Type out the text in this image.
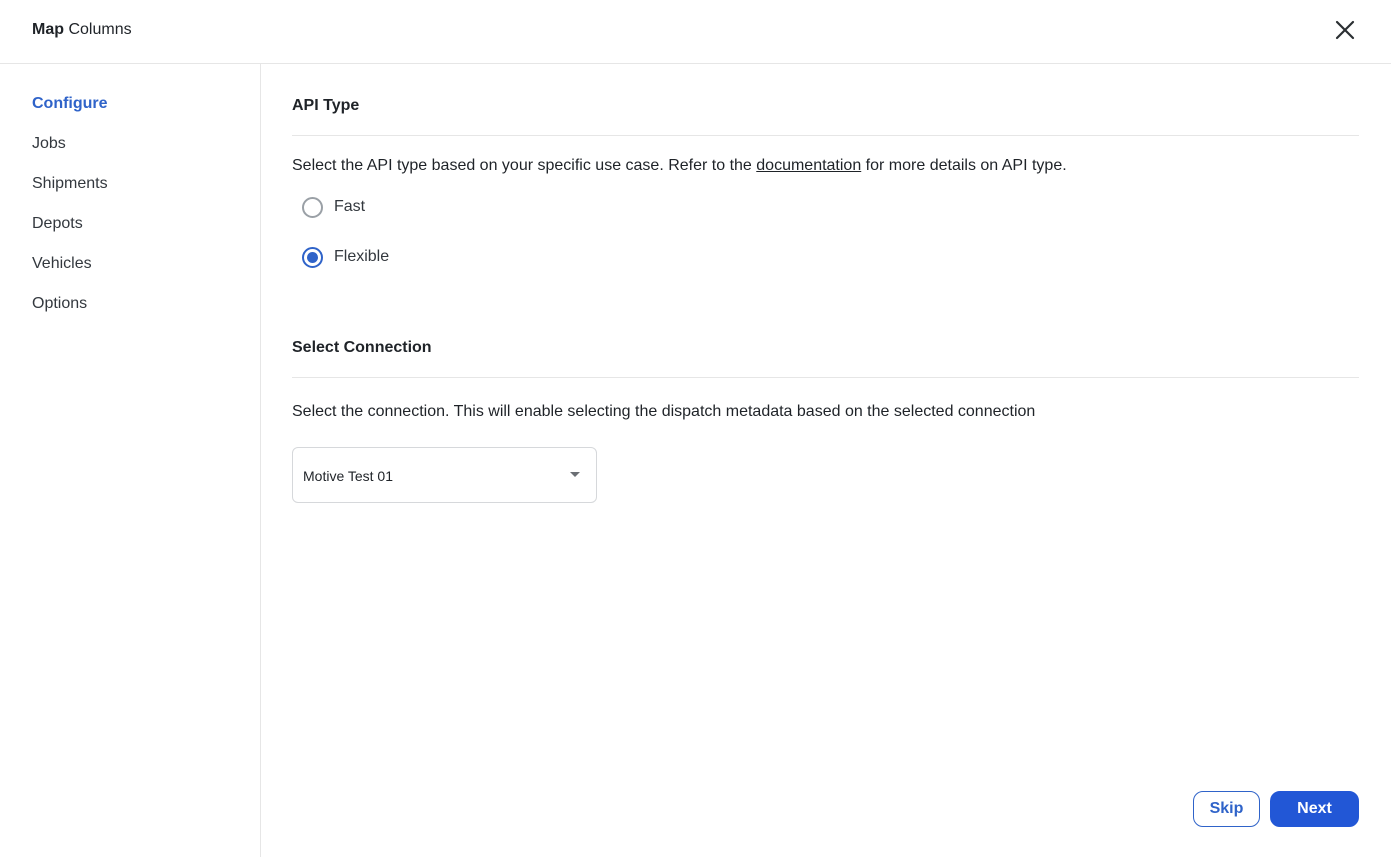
Map Columns
Configure
Jobs
Shipments
Depots
Vehicles
Options
API Type
Select the API type based on your specific use case. Refer to the documentation for more details on API type.
Fast
Flexible
Select Connection
Select the connection. This will enable selecting the dispatch metadata based on the selected connection
Motive Test 01
Skip	Next
